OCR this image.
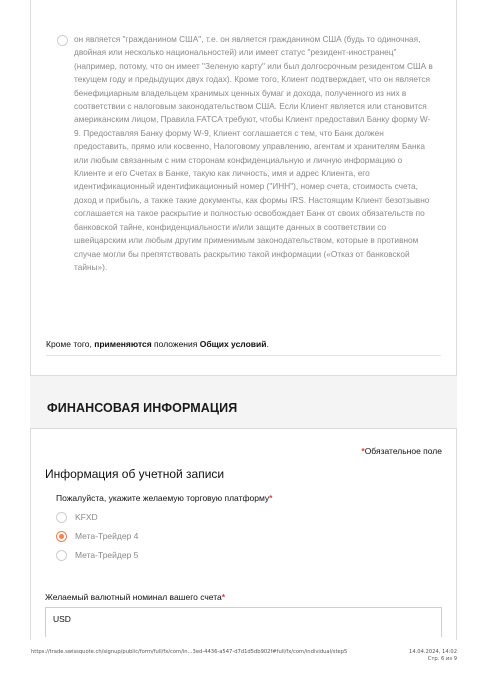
он является "гражданином США", т.е. он является гражданином США (будь то одиночная, двойная или несколько национальностей) или имеет статус "резидент-иностранец" (например, потому, что он имеет "Зеленую карту" или был долгосрочным резидентом США в текущем году и предыдущих двух годах). Кроме того, Клиент подтверждает, что он является бенефициарным владельцем хранимых ценных бумаг и дохода, полученного из них в соответствии с налоговым законодательством США. Если Клиент является или становится американским лицом, Правила FATCA требуют, чтобы Клиент предоставил Банку форму W-9. Предоставляя Банку форму W-9, Клиент соглашается с тем, что Банк должен предоставить, прямо или косвенно, Налоговому управлению, агентам и хранителям Банка или любым связанным с ним сторонам конфиденциальную и личную информацию о Клиенте и его Счетах в Банке, такую как личность, имя и адрес Клиента, его идентификационный идентификационный номер ("ИНН"), номер счета, стоимость счета, доход и прибыль, а также такие документы, как формы IRS. Настоящим Клиент безотзывно соглашается на такое раскрытие и полностью освобождает Банк от своих обязательств по банковской тайне, конфиденциальности и/или защите данных в соответствии со швейцарским или любым другим применимым законодательством, которые в противном случае могли бы препятствовать раскрытию такой информации («Отказ от банковской тайны»).

Кроме того, применяются положения Общих условий.

ФИНАНСОВАЯ ИНФОРМАЦИЯ

*Обязательное поле

Информация об учетной записи

Пожалуйста, укажите желаемую торговую платформу*

KFXD
Мета-Трейдер 4
Мета-Трейдер 5

Желаемый валютный номинал вашего счета*

USD
https://trade.swissquote.ch/signup/public/form/full/fx/com/in...3ed-4436-a547-d7d1d5db902f#full/fx/com/individual/step5	14.04.2024, 14:02
Стр. 6 из 9
